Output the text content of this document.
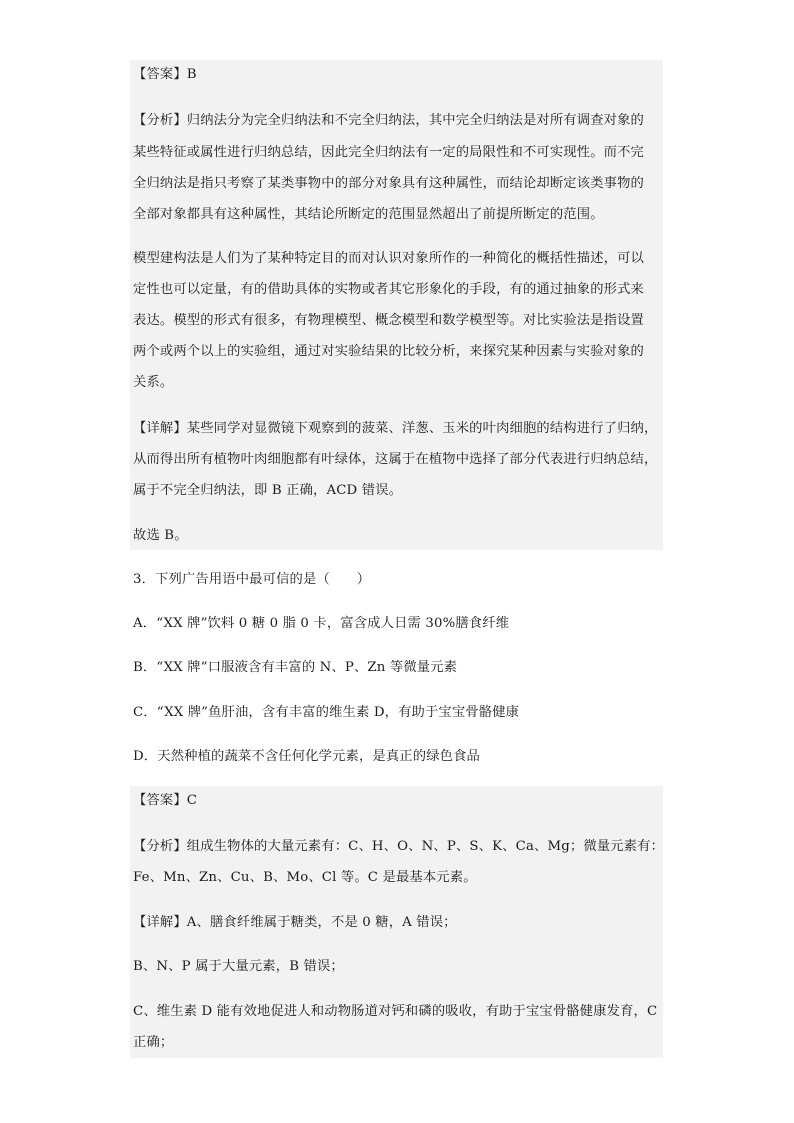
【答案】B
【分析】归纳法分为完全归纳法和不完全归纳法，其中完全归纳法是对所有调查对象的
某些特征或属性进行归纳总结，因此完全归纳法有一定的局限性和不可实现性。而不完
全归纳法是指只考察了某类事物中的部分对象具有这种属性，而结论却断定该类事物的
全部对象都具有这种属性，其结论所断定的范围显然超出了前提所断定的范围。
模型建构法是人们为了某种特定目的而对认识对象所作的一种简化的概括性描述，可以
定性也可以定量，有的借助具体的实物或者其它形象化的手段，有的通过抽象的形式来
表达。模型的形式有很多，有物理模型、概念模型和数学模型等。对比实验法是指设置
两个或两个以上的实验组，通过对实验结果的比较分析，来探究某种因素与实验对象的
关系。
【详解】某些同学对显微镜下观察到的菠菜、洋葱、玉米的叶肉细胞的结构进行了归纳，
从而得出所有植物叶肉细胞都有叶绿体，这属于在植物中选择了部分代表进行归纳总结，
属于不完全归纳法，即 B 正确，ACD 错误。
故选 B。
3．下列广告用语中最可信的是（　　）
A．“XX 牌”饮料 0 糖 0 脂 0 卡，富含成人日需 30%膳食纤维
B．“XX 牌”口服液含有丰富的 N、P、Zn 等微量元素
C．“XX 牌”鱼肝油，含有丰富的维生素 D，有助于宝宝骨骼健康
D．天然种植的蔬菜不含任何化学元素，是真正的绿色食品
【答案】C
【分析】组成生物体的大量元素有：C、H、O、N、P、S、K、Ca、Mg；微量元素有：
Fe、Mn、Zn、Cu、B、Mo、Cl 等。C 是最基本元素。
【详解】A、膳食纤维属于糖类，不是 0 糖，A 错误；
B、N、P 属于大量元素，B 错误；
C、维生素 D 能有效地促进人和动物肠道对钙和磷的吸收，有助于宝宝骨骼健康发育，C
正确；
